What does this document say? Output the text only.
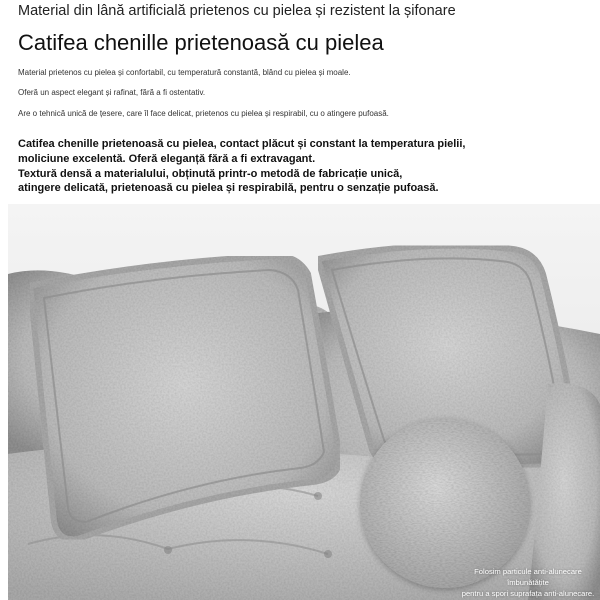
Material din lână artificială prietenos cu pielea și rezistent la șifonare
Catifea chenille prietenoasă cu pielea
Material prietenos cu pielea și confortabil, cu temperatură constantă, blând cu pielea și moale.
Oferă un aspect elegant și rafinat, fără a fi ostentativ.
Are o tehnică unică de țesere, care îl face delicat, prietenos cu pielea și respirabil, cu o atingere pufoasă.
Catifea chenille prietenoasă cu pielea, contact plăcut și constant la temperatura pielii,
moliciune excelentă. Oferă eleganță fără a fi extravagant.
Textură densă a materialului, obținută printr-o metodă de fabricație unică,
atingere delicată, prietenoasă cu pielea și respirabilă, pentru o senzație pufoasă.
Folosim particule anti-alunecare îmbunătățite
pentru a spori suprafața anti-alunecare.
